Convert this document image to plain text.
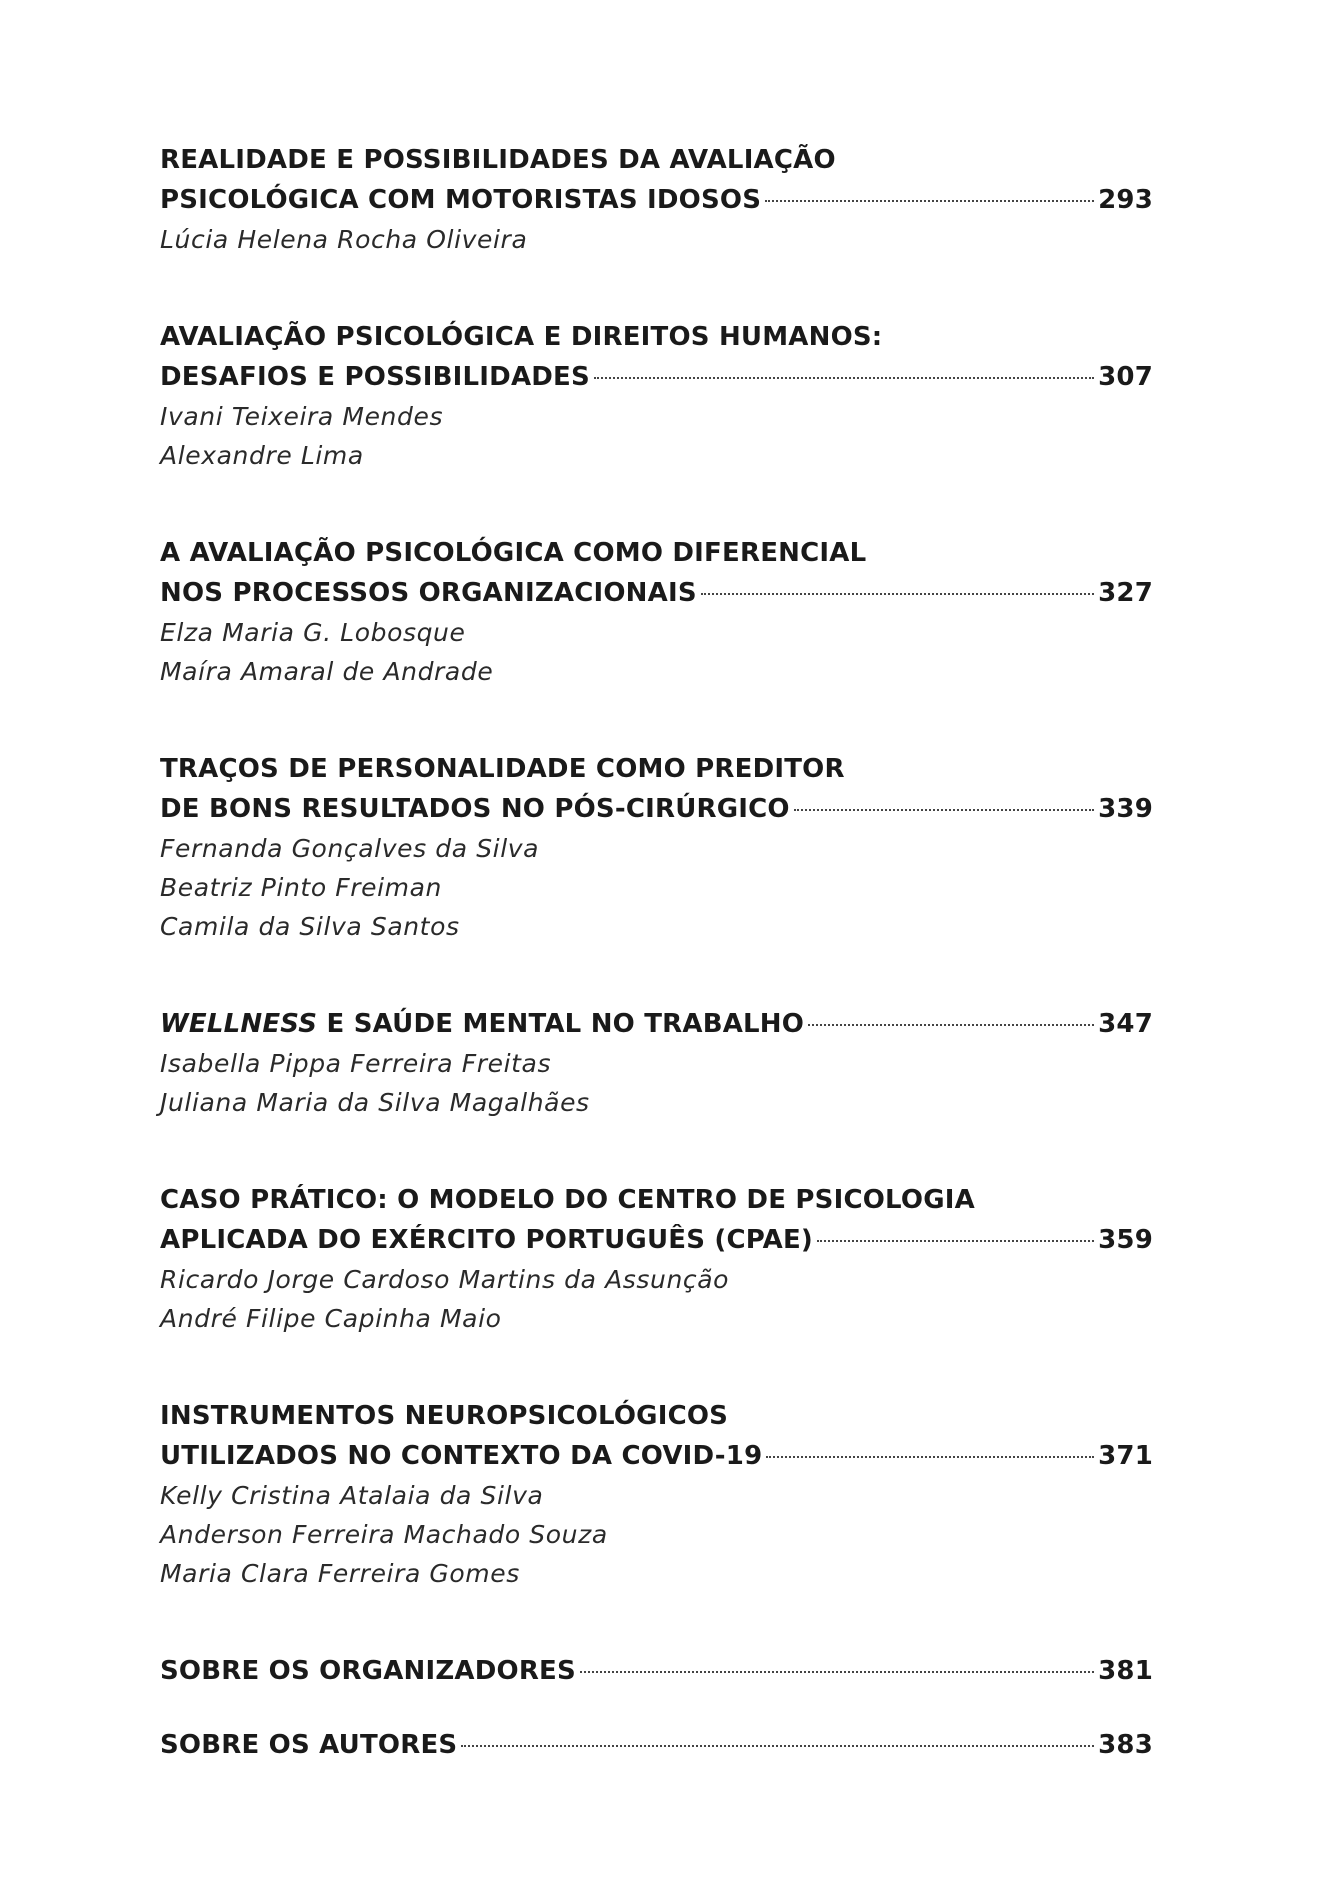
REALIDADE E POSSIBILIDADES DA AVALIAÇÃO
PSICOLÓGICA COM MOTORISTAS IDOSOS	293
Lúcia Helena Rocha Oliveira
AVALIAÇÃO PSICOLÓGICA E DIREITOS HUMANOS:
DESAFIOS E POSSIBILIDADES	307
Ivani Teixeira Mendes
Alexandre Lima
A AVALIAÇÃO PSICOLÓGICA COMO DIFERENCIAL
NOS PROCESSOS ORGANIZACIONAIS	327
Elza Maria G. Lobosque
Maíra Amaral de Andrade
TRAÇOS DE PERSONALIDADE COMO PREDITOR
DE BONS RESULTADOS NO PÓS-CIRÚRGICO	339
Fernanda Gonçalves da Silva
Beatriz Pinto Freiman
Camila da Silva Santos
WELLNESS E SAÚDE MENTAL NO TRABALHO	347
Isabella Pippa Ferreira Freitas
Juliana Maria da Silva Magalhães
CASO PRÁTICO: O MODELO DO CENTRO DE PSICOLOGIA
APLICADA DO EXÉRCITO PORTUGUÊS (CPAE)	359
Ricardo Jorge Cardoso Martins da Assunção
André Filipe Capinha Maio
INSTRUMENTOS NEUROPSICOLÓGICOS
UTILIZADOS NO CONTEXTO DA COVID-19	371
Kelly Cristina Atalaia da Silva
Anderson Ferreira Machado Souza
Maria Clara Ferreira Gomes
SOBRE OS ORGANIZADORES	381
SOBRE OS AUTORES	383
